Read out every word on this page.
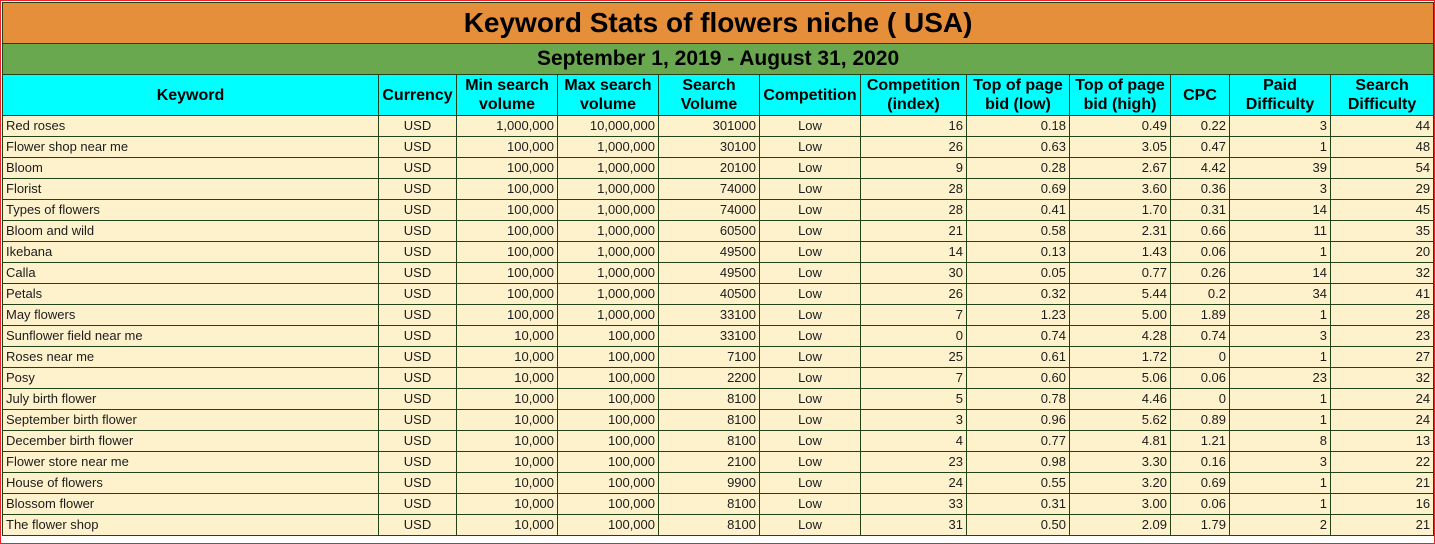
Keyword Stats of flowers niche ( USA)											
September 1, 2019 - August 31, 2020											
Keyword	Currency	Min search volume	Max search volume	Search Volume	Competition	Competition (index)	Top of page bid (low)	Top of page bid (high)	CPC	Paid Difficulty	Search Difficulty
Red roses	USD	1,000,000	10,000,000	301000	Low	16	0.18	0.49	0.22	3	44
Flower shop near me	USD	100,000	1,000,000	30100	Low	26	0.63	3.05	0.47	1	48
Bloom	USD	100,000	1,000,000	20100	Low	9	0.28	2.67	4.42	39	54
Florist	USD	100,000	1,000,000	74000	Low	28	0.69	3.60	0.36	3	29
Types of flowers	USD	100,000	1,000,000	74000	Low	28	0.41	1.70	0.31	14	45
Bloom and wild	USD	100,000	1,000,000	60500	Low	21	0.58	2.31	0.66	11	35
Ikebana	USD	100,000	1,000,000	49500	Low	14	0.13	1.43	0.06	1	20
Calla	USD	100,000	1,000,000	49500	Low	30	0.05	0.77	0.26	14	32
Petals	USD	100,000	1,000,000	40500	Low	26	0.32	5.44	0.2	34	41
May flowers	USD	100,000	1,000,000	33100	Low	7	1.23	5.00	1.89	1	28
Sunflower field near me	USD	10,000	100,000	33100	Low	0	0.74	4.28	0.74	3	23
Roses near me	USD	10,000	100,000	7100	Low	25	0.61	1.72	0	1	27
Posy	USD	10,000	100,000	2200	Low	7	0.60	5.06	0.06	23	32
July birth flower	USD	10,000	100,000	8100	Low	5	0.78	4.46	0	1	24
September birth flower	USD	10,000	100,000	8100	Low	3	0.96	5.62	0.89	1	24
December birth flower	USD	10,000	100,000	8100	Low	4	0.77	4.81	1.21	8	13
Flower store near me	USD	10,000	100,000	2100	Low	23	0.98	3.30	0.16	3	22
House of flowers	USD	10,000	100,000	9900	Low	24	0.55	3.20	0.69	1	21
Blossom flower	USD	10,000	100,000	8100	Low	33	0.31	3.00	0.06	1	16
The flower shop	USD	10,000	100,000	8100	Low	31	0.50	2.09	1.79	2	21
